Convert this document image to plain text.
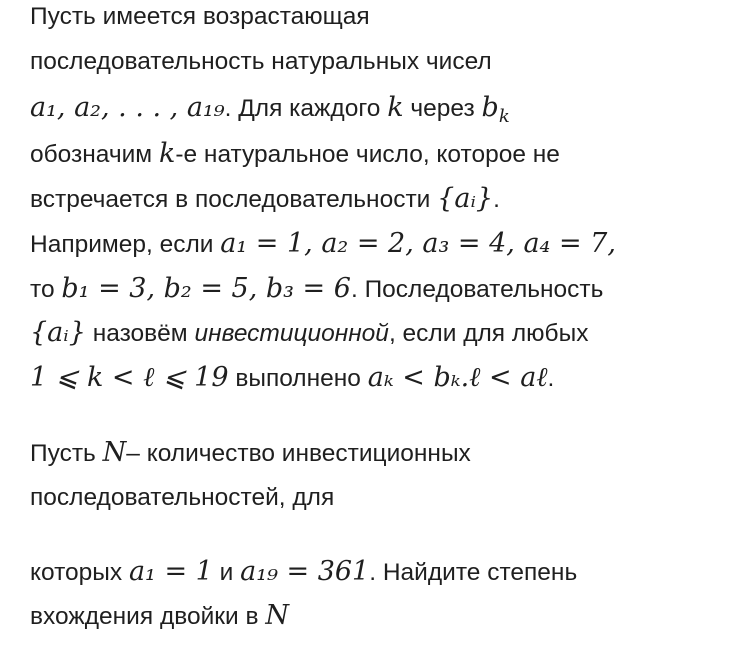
Пусть имеется возрастающая
последовательность натуральных чисел
a₁, a₂, . . . , a₁₉. Для каждого k через $b_k$
обозначим k-е натуральное число, которое не
встречается в последовательности {aᵢ}.
Например, если a₁ = 1, a₂ = 2, a₃ = 4, a₄ = 7,
то b₁ = 3, b₂ = 5, b₃ = 6. Последовательность
{aᵢ} назовём инвестиционной, если для любых
1 ⩽ k < ℓ ⩽ 19 выполнено aₖ < bₖ.ℓ < aℓ.
Пусть N– количество инвестиционных
последовательностей, для
которых a₁ = 1 и a₁₉ = 361. Найдите степень
вхождения двойки в N
